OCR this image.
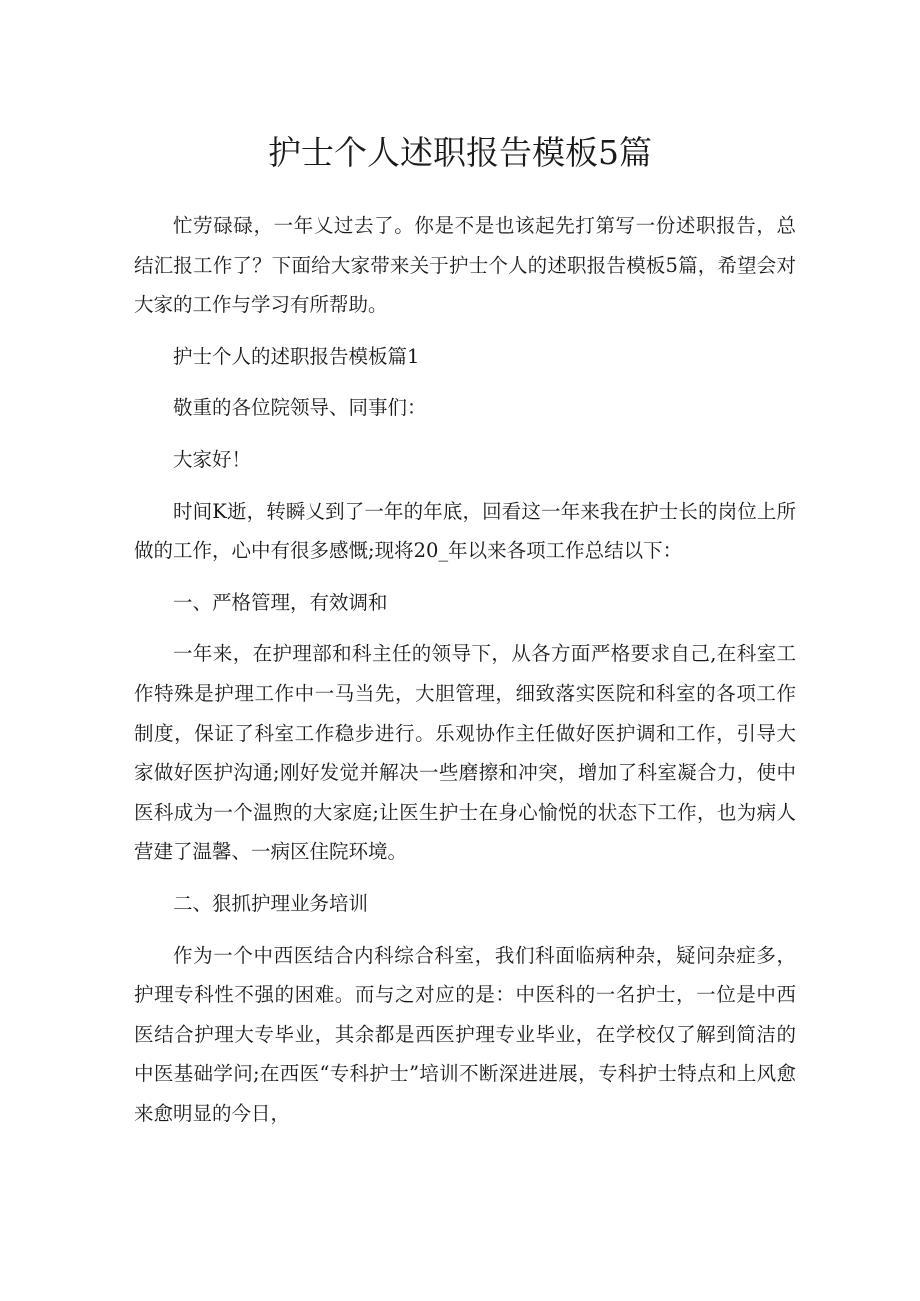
护士个人述职报告模板5篇

忙劳碌碌，一年乂过去了。你是不是也该起先打第写一份述职报告，总结汇报工作了？下面给大家带来关于护士个人的述职报告模板5篇，希望会对大家的工作与学习有所帮助。

护士个人的述职报告模板篇1

敬重的各位院领导、同事们：

大家好！

时间K逝，转瞬乂到了一年的年底，回看这一年来我在护士长的岗位上所做的工作，心中有很多感慨;现将20_年以来各项工作总结以下：

一、严格管理，有效调和

一年来，在护理部和科主任的领导下，从各方面严格要求自己,在科室工作特殊是护理工作中一马当先，大胆管理，细致落实医院和科室的各项工作制度，保证了科室工作稳步进行。乐观协作主任做好医护调和工作，引导大家做好医护沟通;刚好发觉并解决一些磨擦和冲突，增加了科室凝合力，使中医科成为一个温煦的大家庭;让医生护士在身心愉悦的状态下工作，也为病人营建了温馨、一病区住院环境。

二、狠抓护理业务培训

作为一个中西医结合内科综合科室，我们科面临病种杂，疑问杂症多，护理专科性不强的困难。而与之对应的是：中医科的一名护士，一位是中西医结合护理大专毕业，其余都是西医护理专业毕业，在学校仅了解到简洁的中医基础学问;在西医“专科护士”培训不断深进进展，专科护士特点和上风愈来愈明显的今日，
